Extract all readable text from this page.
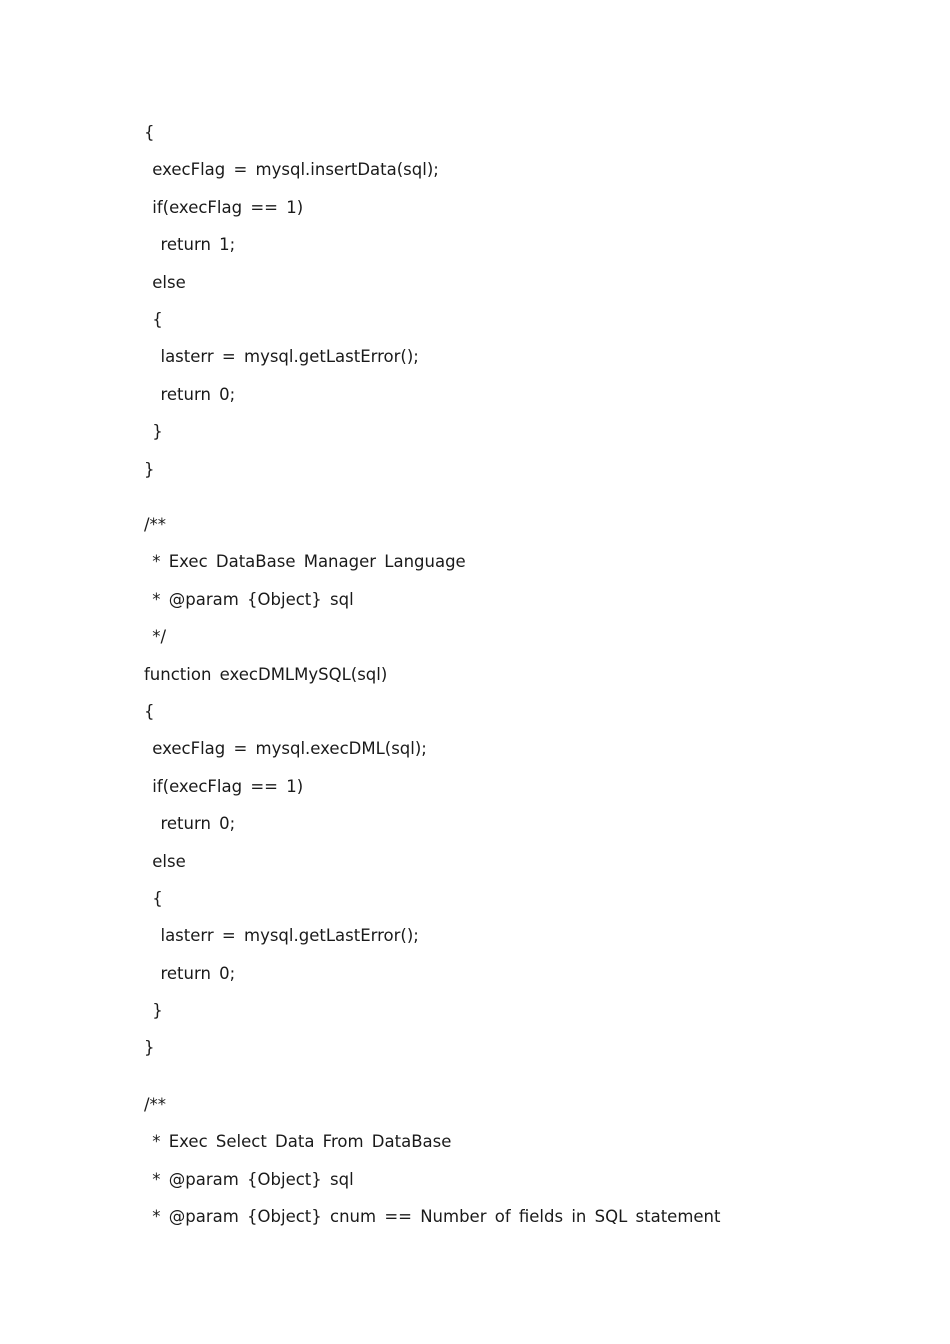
{
execFlag = mysql.insertData(sql);
if(execFlag == 1)
return 1;
else
{
lasterr = mysql.getLastError();
return 0;
}
}
/**
* Exec DataBase Manager Language
* @param {Object} sql
*/
function execDMLMySQL(sql)
{
execFlag = mysql.execDML(sql);
if(execFlag == 1)
return 0;
else
{
lasterr = mysql.getLastError();
return 0;
}
}
/**
* Exec Select Data From DataBase
* @param {Object} sql
* @param {Object} cnum == Number of fields in SQL statement
